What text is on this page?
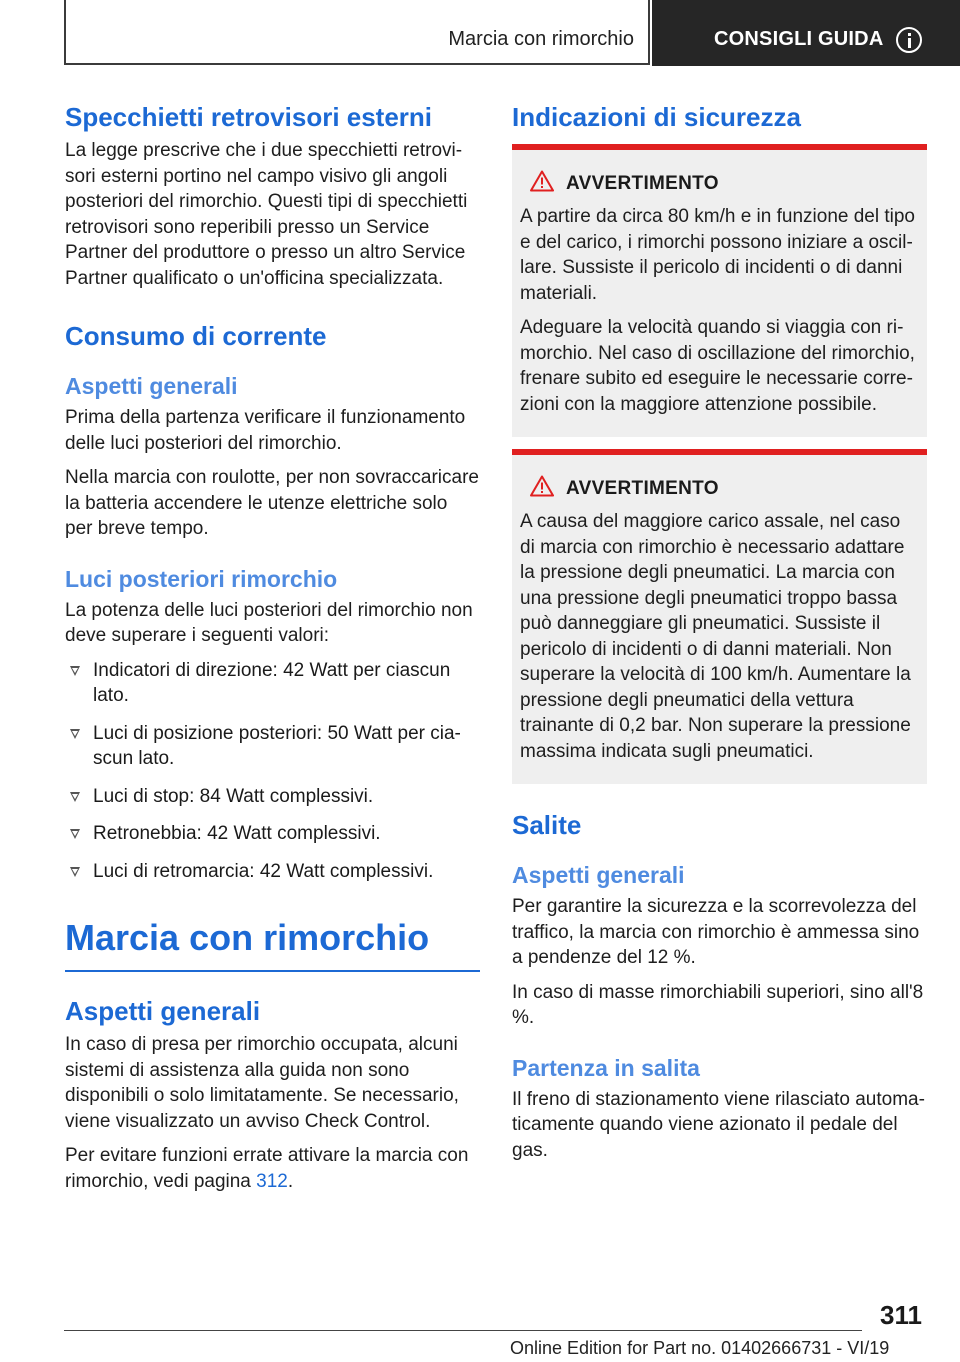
Marcia con rimorchio	CONSIGLI GUIDA
Specchietti retrovisori esterni

La legge prescrive che i due specchietti retrovisori esterni portino nel campo visivo gli angoli posteriori del rimorchio. Questi tipi di specchietti retrovisori sono reperibili presso un Service Partner del produttore o presso un altro Service Partner qualificato o un'officina specializzata.

Consumo di corrente
Aspetti generali

Prima della partenza verificare il funzionamento delle luci posteriori del rimorchio.

Nella marcia con roulotte, per non sovraccaricare la batteria accendere le utenze elettriche solo per breve tempo.

Luci posteriori rimorchio

La potenza delle luci posteriori del rimorchio non deve superare i seguenti valori:

Indicatori di direzione: 42 Watt per ciascun lato.
Luci di posizione posteriori: 50 Watt per ciascun lato.
Luci di stop: 84 Watt complessivi.
Retronebbia: 42 Watt complessivi.
Luci di retromarcia: 42 Watt complessivi.
Marcia con rimorchio
Aspetti generali

In caso di presa per rimorchio occupata, alcuni sistemi di assistenza alla guida non sono disponibili o solo limitatamente. Se necessario, viene visualizzato un avviso Check Control.

Per evitare funzioni errate attivare la marcia con rimorchio, vedi pagina 312.

Indicazioni di sicurezza
AVVERTIMENTO

A partire da circa 80 km/h e in funzione del tipo e del carico, i rimorchi possono iniziare a oscillare. Sussiste il pericolo di incidenti o di danni materiali.

Adeguare la velocità quando si viaggia con rimorchio. Nel caso di oscillazione del rimorchio, frenare subito ed eseguire le necessarie correzioni con la maggiore attenzione possibile.

AVVERTIMENTO

A causa del maggiore carico assale, nel caso di marcia con rimorchio è necessario adattare la pressione degli pneumatici. La marcia con una pressione degli pneumatici troppo bassa può danneggiare gli pneumatici. Sussiste il pericolo di incidenti o di danni materiali. Non superare la velocità di 100 km/h. Aumentare la pressione degli pneumatici della vettura trainante di 0,2 bar. Non superare la pressione massima indicata sugli pneumatici.

Salite
Aspetti generali

Per garantire la sicurezza e la scorrevolezza del traffico, la marcia con rimorchio è ammessa sino a pendenze del 12 %.

In caso di masse rimorchiabili superiori, sino all'8 %.

Partenza in salita

Il freno di stazionamento viene rilasciato automaticamente quando viene azionato il pedale del gas.

311
Online Edition for Part no. 01402666731 - VI/19
